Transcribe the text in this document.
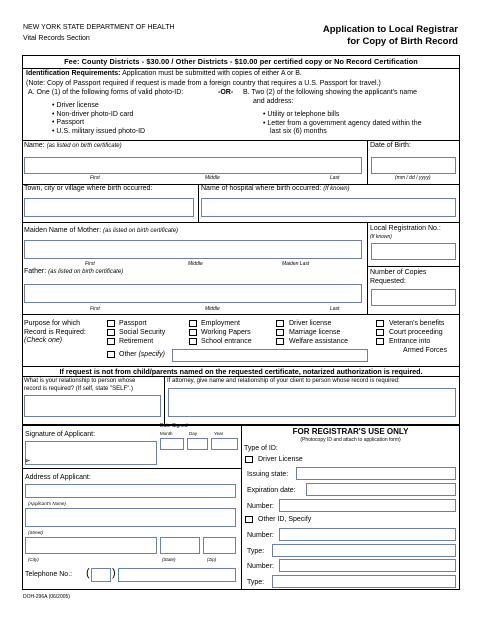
NEW YORK STATE DEPARTMENT OF HEALTH
Vital Records Section
Application to Local Registrar
for Copy of Birth Record
Fee: County Districts - $30.00 / Other Districts - $10.00 per certified copy or No Record Certification
Identification Requirements: Application must be submitted with copies of either A or B.
(Note: Copy of Passport required if request is made from a foreign country that requires a U.S. Passport for travel.)
A. One (1) of the following forms of valid photo-ID:	-OR- B. Two (2) of the following showing the applicant's name
and address:
• Driver license
• Non-driver photo-ID card
• Passport
• U.S. military issued photo-ID
• Utility or telephone bills
• Letter from a government agency dated within the
last six (6) months
Name: (as listed on birth certificate)
First	Middle	Last
Date of Birth:
(mm / dd / yyyy)
Town, city or village where birth occurred:	Name of hospital where birth occurred: (If known)
Maiden Name of Mother: (as listed on birth certificate)
First	Middle	Maiden Last
Local Registration No.:
(If known)
Father: (as listed on birth certificate)
First	Middle	Last
Number of Copies
Requested:
Purpose for which
Record is Required:
(Check one)
Passport
Social Security
Retirement
Employment
Working Papers
School entrance
Driver license
Marriage license
Welfare assistance
Veteran's benefits
Court proceeding
Entrance into
Armed Forces
Other (specify)
If request is not from child/parents named on the requested certificate, notarized authorization is required.
What is your relationship to person whose
record is required? (If self, state "SELF".)
If attorney, give name and relationship of your client to person whose record is required:
Signature of Applicant:
➢
Date Signed
Month	Day	Year
Address of Applicant:
(Applicant's Name)
(Street)
(City)	(State)	(Zip)
Telephone No.: ( )
FOR REGISTRAR'S USE ONLY
(Photocopy ID and attach to application form)
Type of ID:
Driver License
Issuing state:
Expiration date:
Number:
Other ID, Specify
Number:
Type:
Number:
Type:
DOH-296A (06/2005)
